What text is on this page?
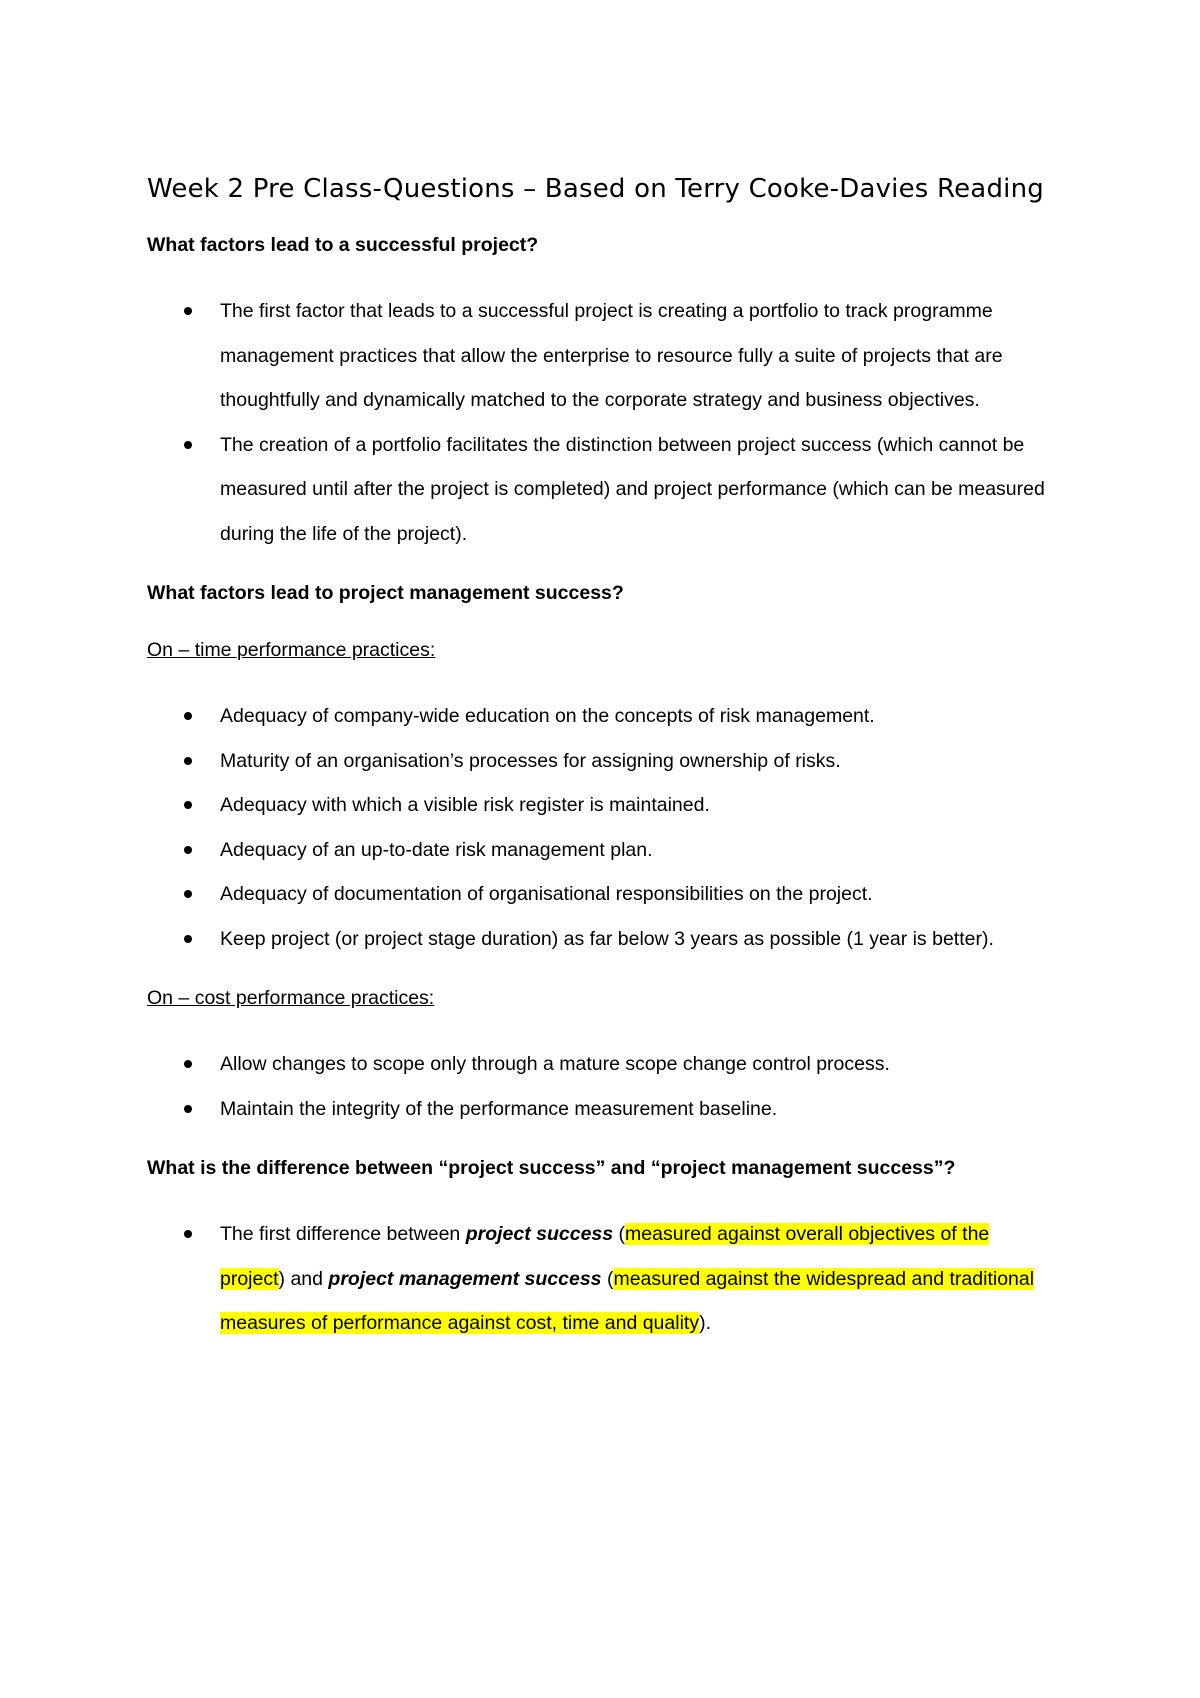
Week 2 Pre Class-Questions – Based on Terry Cooke-Davies Reading
What factors lead to a successful project?
The first factor that leads to a successful project is creating a portfolio to track programme management practices that allow the enterprise to resource fully a suite of projects that are thoughtfully and dynamically matched to the corporate strategy and business objectives.
The creation of a portfolio facilitates the distinction between project success (which cannot be measured until after the project is completed) and project performance (which can be measured during the life of the project).
What factors lead to project management success?
On – time performance practices:
Adequacy of company-wide education on the concepts of risk management.
Maturity of an organisation’s processes for assigning ownership of risks.
Adequacy with which a visible risk register is maintained.
Adequacy of an up-to-date risk management plan.
Adequacy of documentation of organisational responsibilities on the project.
Keep project (or project stage duration) as far below 3 years as possible (1 year is better).
On – cost performance practices:
Allow changes to scope only through a mature scope change control process.
Maintain the integrity of the performance measurement baseline.
What is the difference between “project success” and “project management success”?
The first difference between project success (measured against overall objectives of the project) and project management success (measured against the widespread and traditional measures of performance against cost, time and quality).
